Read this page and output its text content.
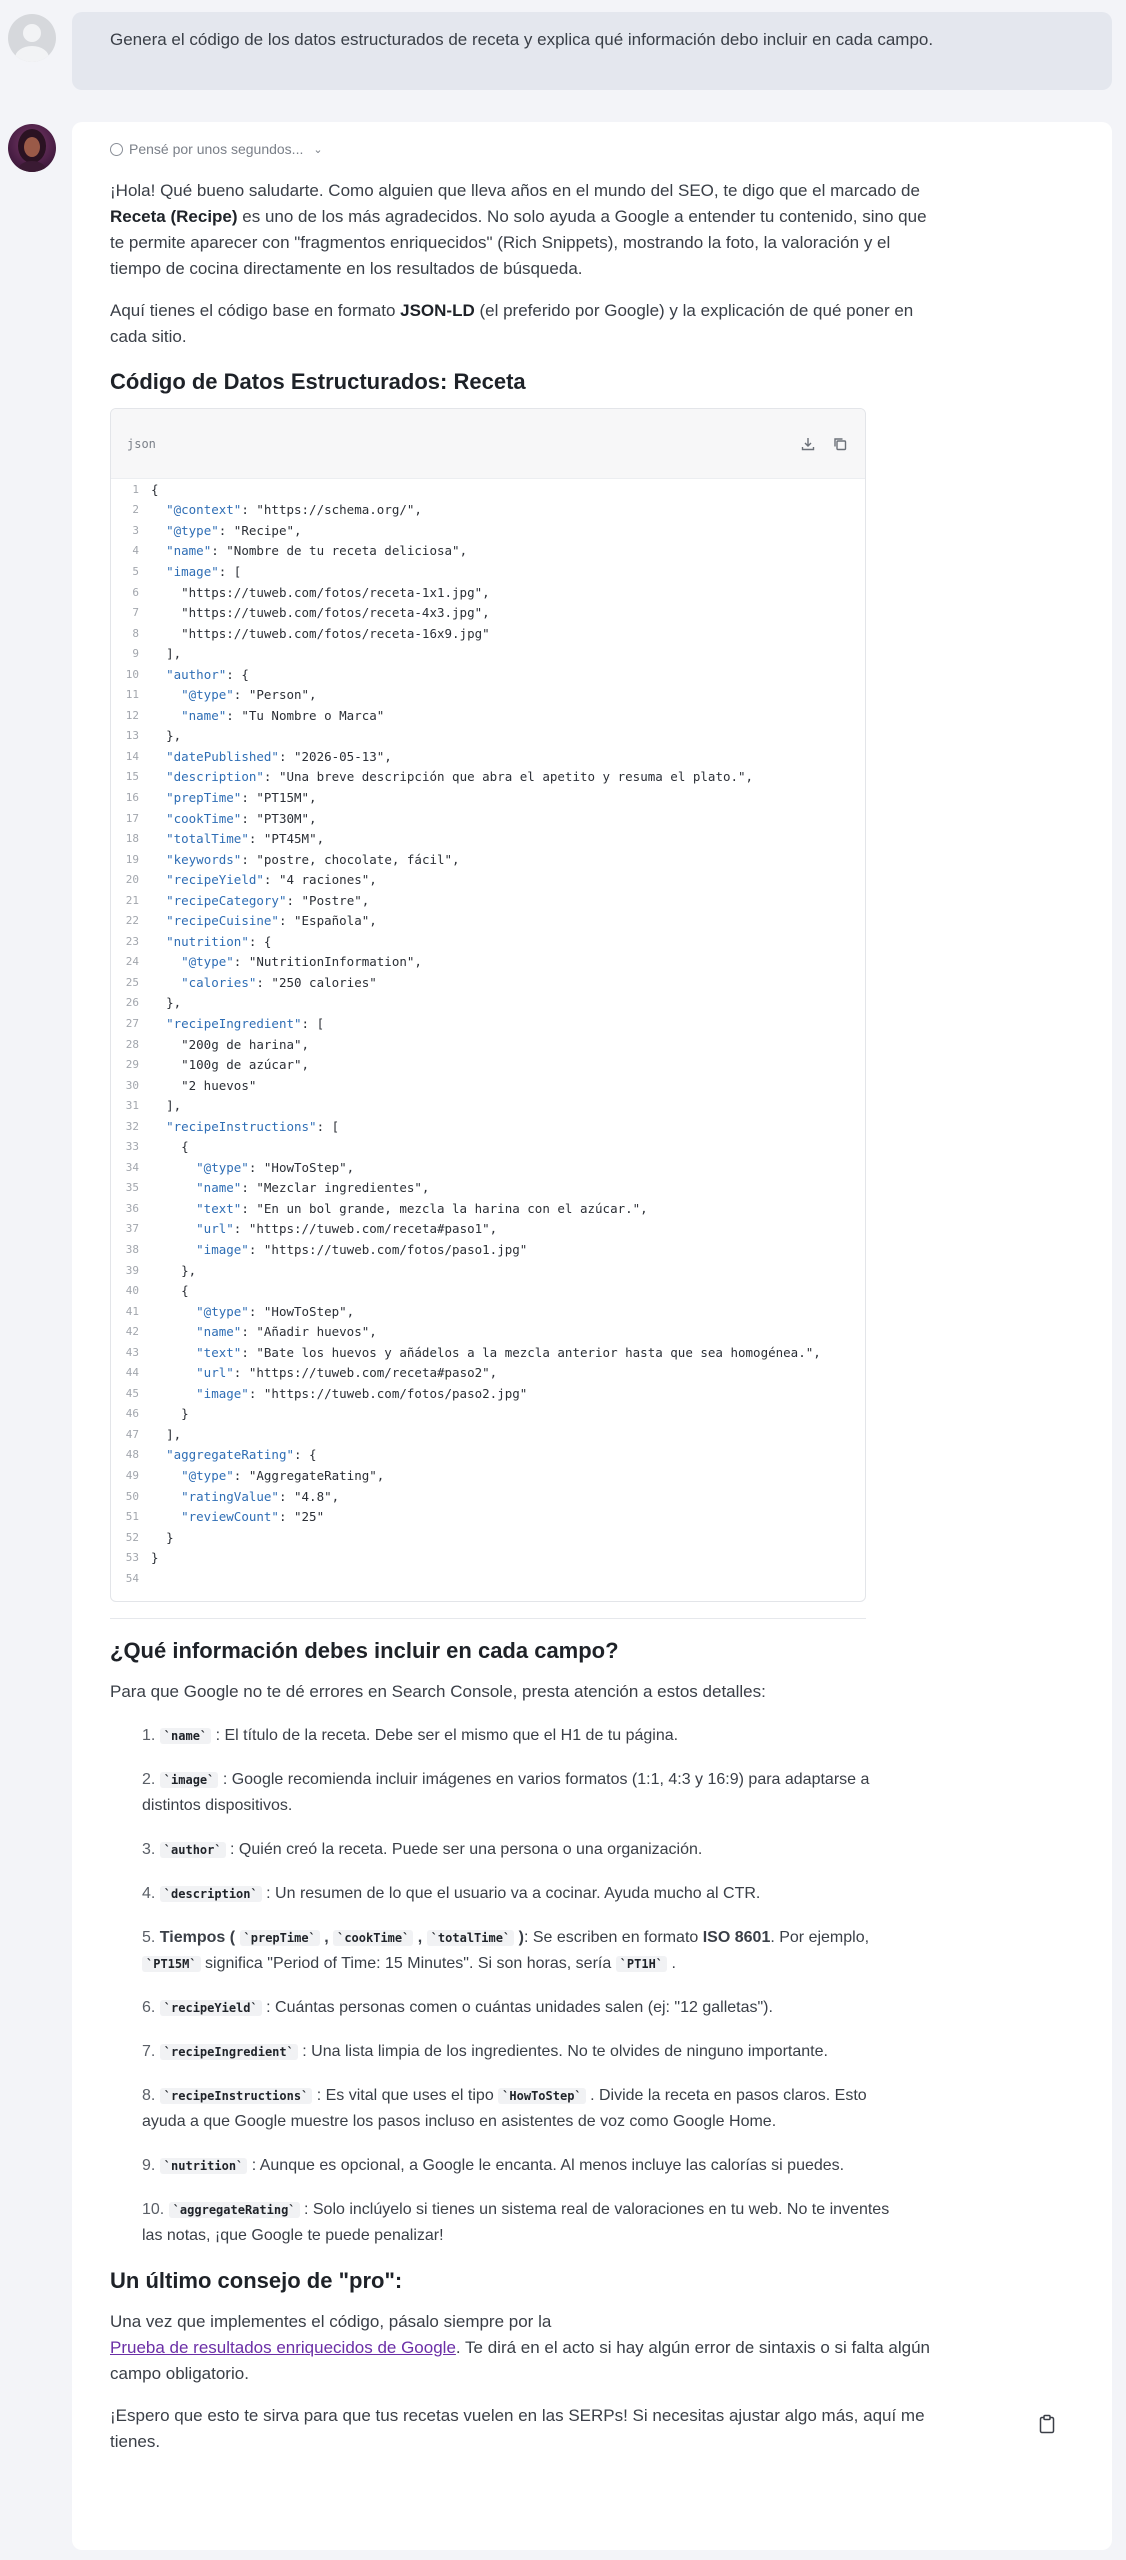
Genera el código de los datos estructurados de receta y explica qué información debo incluir en cada campo.
Pensé por unos segundos... ⌄

¡Hola! Qué bueno saludarte. Como alguien que lleva años en el mundo del SEO, te digo que el marcado de Receta (Recipe) es uno de los más agradecidos. No solo ayuda a Google a entender tu contenido, sino que te permite aparecer con "fragmentos enriquecidos" (Rich Snippets), mostrando la foto, la valoración y el tiempo de cocina directamente en los resultados de búsqueda.

Aquí tienes el código base en formato JSON-LD (el preferido por Google) y la explicación de qué poner en cada sitio.

Código de Datos Estructurados: Receta
json
1 {
2	"@context": "https://schema.org/",
3	"@type": "Recipe",
4	"name": "Nombre de tu receta deliciosa",
5	"image": [
6	"https://tuweb.com/fotos/receta-1x1.jpg",
7	"https://tuweb.com/fotos/receta-4x3.jpg",
8	"https://tuweb.com/fotos/receta-16x9.jpg"
9	],
10	"author": {
11	"@type": "Person",
12	"name": "Tu Nombre o Marca"
13	},
14	"datePublished": "2026-05-13",
15	"description": "Una breve descripción que abra el apetito y resuma el plato.",
16	"prepTime": "PT15M",
17	"cookTime": "PT30M",
18	"totalTime": "PT45M",
19	"keywords": "postre, chocolate, fácil",
20	"recipeYield": "4 raciones",
21	"recipeCategory": "Postre",
22	"recipeCuisine": "Española",
23	"nutrition": {
24	"@type": "NutritionInformation",
25	"calories": "250 calories"
26	},
27	"recipeIngredient": [
28	"200g de harina",
29	"100g de azúcar",
30	"2 huevos"
31	],
32	"recipeInstructions": [
33	{
34	"@type": "HowToStep",
35	"name": "Mezclar ingredientes",
36	"text": "En un bol grande, mezcla la harina con el azúcar.",
37	"url": "https://tuweb.com/receta#paso1",
38	"image": "https://tuweb.com/fotos/paso1.jpg"
39	},
40	{
41	"@type": "HowToStep",
42	"name": "Añadir huevos",
43	"text": "Bate los huevos y añádelos a la mezcla anterior hasta que sea homogénea.",
44	"url": "https://tuweb.com/receta#paso2",
45	"image": "https://tuweb.com/fotos/paso2.jpg"
46	}
47	],
48	"aggregateRating": {
49	"@type": "AggregateRating",
50	"ratingValue": "4.8",
51	"reviewCount": "25"
52	}
53 }
54
¿Qué información debes incluir en cada campo?

Para que Google no te dé errores en Search Console, presta atención a estos detalles:

1. `name` : El título de la receta. Debe ser el mismo que el H1 de tu página.
2. `image` : Google recomienda incluir imágenes en varios formatos (1:1, 4:3 y 16:9) para adaptarse a distintos dispositivos.
3. `author` : Quién creó la receta. Puede ser una persona o una organización.
4. `description` : Un resumen de lo que el usuario va a cocinar. Ayuda mucho al CTR.
5. Tiempos ( `prepTime` , `cookTime` , `totalTime` ): Se escriben en formato ISO 8601. Por ejemplo, `PT15M` significa "Period of Time: 15 Minutes". Si son horas, sería `PT1H` .
6. `recipeYield` : Cuántas personas comen o cuántas unidades salen (ej: "12 galletas").
7. `recipeIngredient` : Una lista limpia de los ingredientes. No te olvides de ninguno importante.
8. `recipeInstructions` : Es vital que uses el tipo `HowToStep` . Divide la receta en pasos claros. Esto ayuda a que Google muestre los pasos incluso en asistentes de voz como Google Home.
9. `nutrition` : Aunque es opcional, a Google le encanta. Al menos incluye las calorías si puedes.
10. `aggregateRating` : Solo inclúyelo si tienes un sistema real de valoraciones en tu web. No te inventes las notas, ¡que Google te puede penalizar!
Un último consejo de "pro":

Una vez que implementes el código, pásalo siempre por la
Prueba de resultados enriquecidos de Google. Te dirá en el acto si hay algún error de sintaxis o si falta algún campo obligatorio.

¡Espero que esto te sirva para que tus recetas vuelen en las SERPs! Si necesitas ajustar algo más, aquí me tienes.
